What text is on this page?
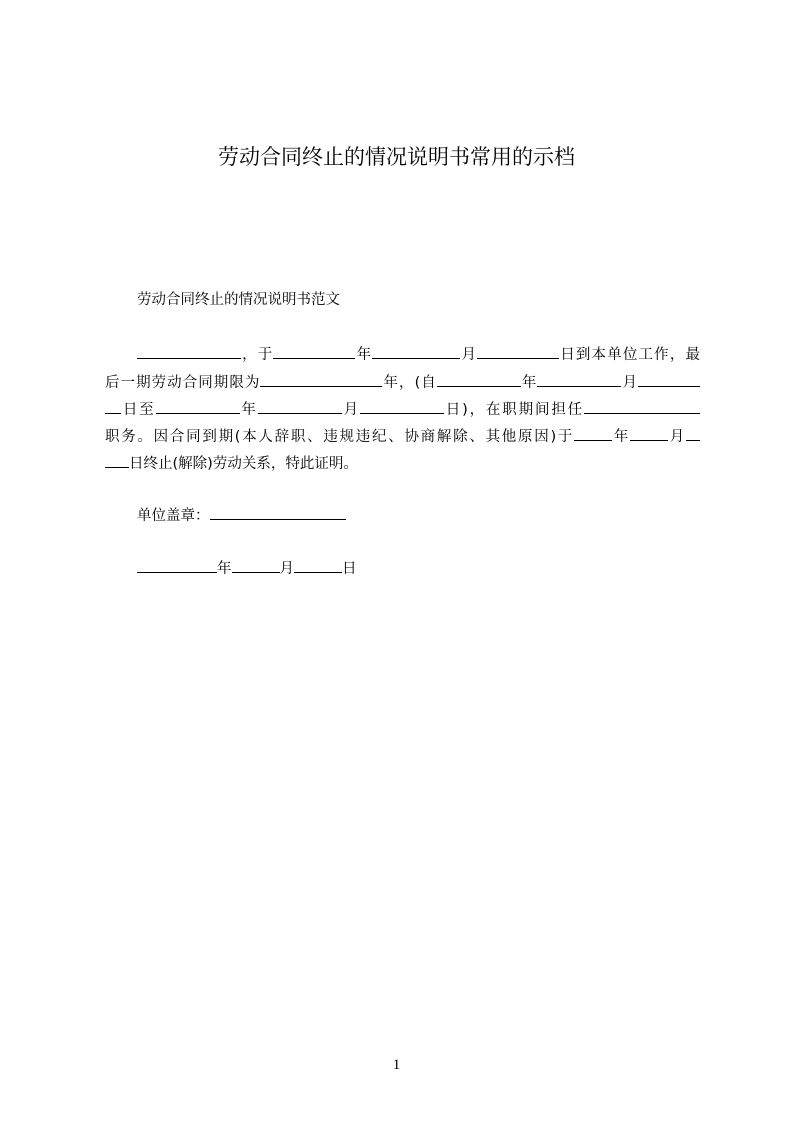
劳动合同终止的情况说明书常用的示档
劳动合同终止的情况说明书范文
，于	年	月	日到本单位工作，最
后一期劳动合同期限为	年，(自	年	月
日至	年	月	日)，在职期间担任
职务。因合同到期(本人辞职、违规违纪、协商解除、其他原因)于	年	月
日终止(解除)劳动关系，特此证明。
单位盖章：
年	月	日
1
